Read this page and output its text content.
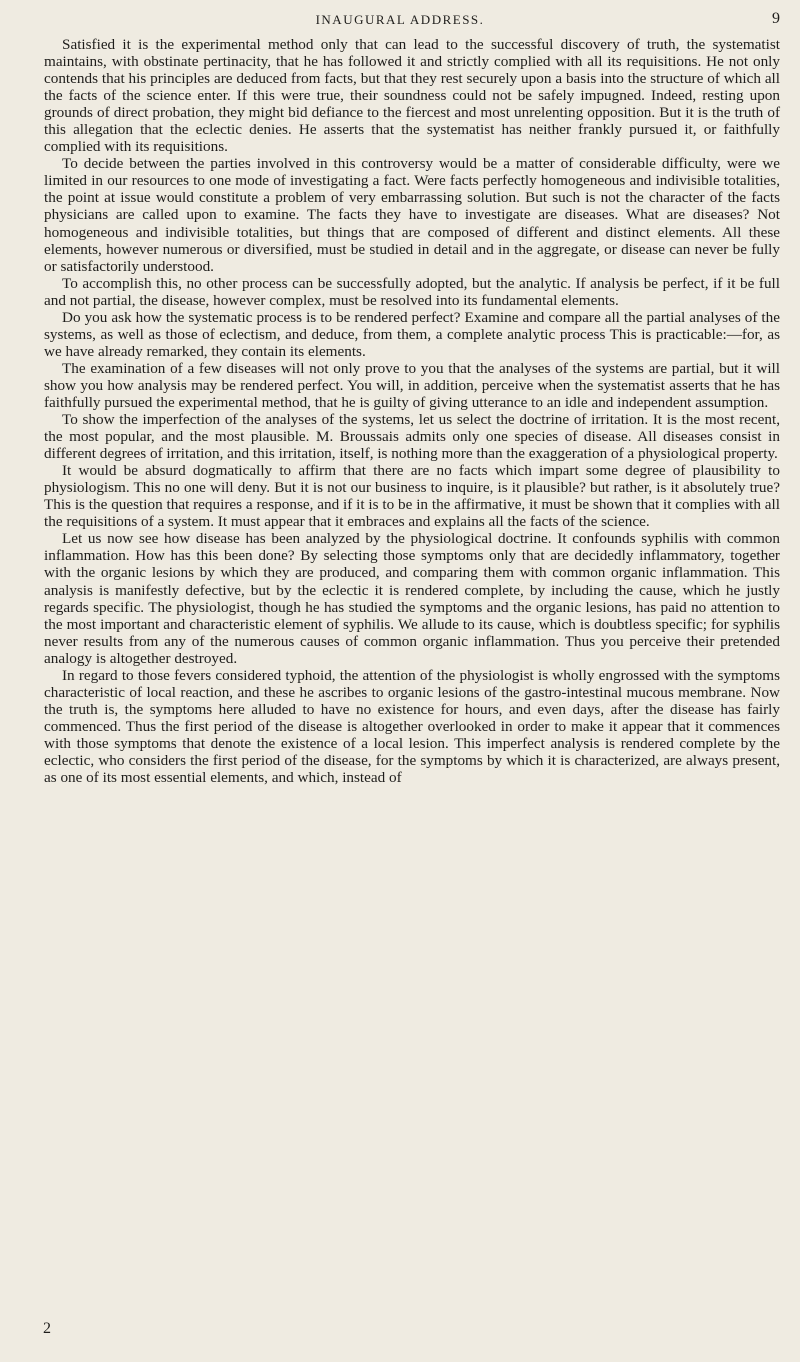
INAUGURAL ADDRESS.	9

Satisfied it is the experimental method only that can lead to the successful discovery of truth, the systematist maintains, with obstinate pertinacity, that he has followed it and strictly complied with all its requisitions. He not only contends that his principles are deduced from facts, but that they rest securely upon a basis into the structure of which all the facts of the science enter. If this were true, their soundness could not be safely impugned. Indeed, resting upon grounds of direct probation, they might bid defiance to the fiercest and most unrelenting opposition. But it is the truth of this allegation that the eclectic denies. He asserts that the systematist has neither frankly pursued it, or faithfully complied with its requisitions.

To decide between the parties involved in this controversy would be a matter of considerable difficulty, were we limited in our resources to one mode of investigating a fact. Were facts perfectly homogeneous and indivisible totalities, the point at issue would constitute a problem of very embarrassing solution. But such is not the character of the facts physicians are called upon to examine. The facts they have to investigate are diseases. What are diseases? Not homogeneous and indivisible totalities, but things that are composed of different and distinct elements. All these elements, however numerous or diversified, must be studied in detail and in the aggregate, or disease can never be fully or satisfactorily understood.

To accomplish this, no other process can be successfully adopted, but the analytic. If analysis be perfect, if it be full and not partial, the disease, however complex, must be resolved into its fundamental elements.

Do you ask how the systematic process is to be rendered perfect? Examine and compare all the partial analyses of the systems, as well as those of eclectism, and deduce, from them, a complete analytic process This is practicable:—for, as we have already remarked, they contain its elements.

The examination of a few diseases will not only prove to you that the analyses of the systems are partial, but it will show you how analysis may be rendered perfect. You will, in addition, perceive when the systematist asserts that he has faithfully pursued the experimental method, that he is guilty of giving utterance to an idle and independent assumption.

To show the imperfection of the analyses of the systems, let us select the doctrine of irritation. It is the most recent, the most popular, and the most plausible. M. Broussais admits only one species of disease. All diseases consist in different degrees of irritation, and this irritation, itself, is nothing more than the exaggeration of a physiological property.

It would be absurd dogmatically to affirm that there are no facts which impart some degree of plausibility to physiologism. This no one will deny. But it is not our business to inquire, is it plausible? but rather, is it absolutely true? This is the question that requires a response, and if it is to be in the affirmative, it must be shown that it complies with all the requisitions of a system. It must appear that it embraces and explains all the facts of the science.

Let us now see how disease has been analyzed by the physiological doctrine. It confounds syphilis with common inflammation. How has this been done? By selecting those symptoms only that are decidedly inflammatory, together with the organic lesions by which they are produced, and comparing them with common organic inflammation. This analysis is manifestly defective, but by the eclectic it is rendered complete, by including the cause, which he justly regards specific. The physiologist, though he has studied the symptoms and the organic lesions, has paid no attention to the most important and characteristic element of syphilis. We allude to its cause, which is doubtless specific; for syphilis never results from any of the numerous causes of common organic inflammation. Thus you perceive their pretended analogy is altogether destroyed.

In regard to those fevers considered typhoid, the attention of the physiologist is wholly engrossed with the symptoms characteristic of local reaction, and these he ascribes to organic lesions of the gastro-intestinal mucous membrane. Now the truth is, the symptoms here alluded to have no existence for hours, and even days, after the disease has fairly commenced. Thus the first period of the disease is altogether overlooked in order to make it appear that it commences with those symptoms that denote the existence of a local lesion. This imperfect analysis is rendered complete by the eclectic, who considers the first period of the disease, for the symptoms by which it is characterized, are always present, as one of its most essential elements, and which, instead of

2
